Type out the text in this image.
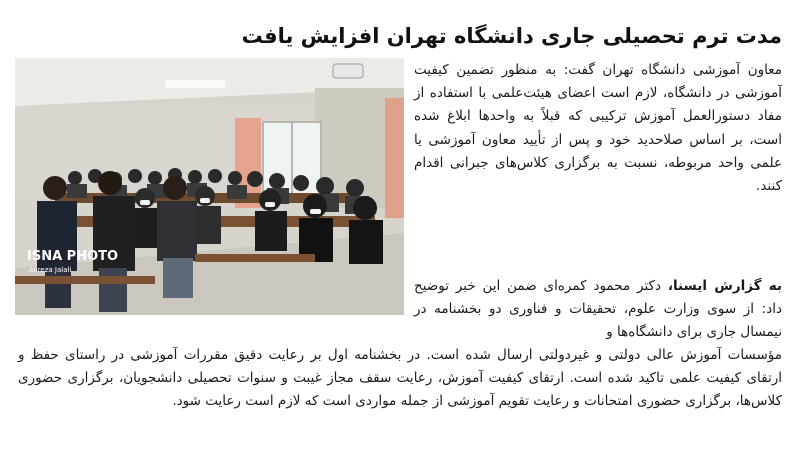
مدت ترم تحصیلی جاری دانشگاه تهران افزایش یافت
ISNA PHOTO
Alireza Jalali

معاون آموزشی دانشگاه تهران گفت: به منظور تضمین کیفیت آموزشی در دانشگاه، لازم است اعضای هیئت‌علمی با استفاده از مفاد دستورالعمل آموزش ترکیبی که قبلاً به واحدها ابلاغ شده است، بر اساس صلاحدید خود و پس از تأیید معاون آموزشی یا علمی واحد مربوطه، نسبت به برگزاری کلاس‌های جبرانی اقدام کنند.

به گزارش ایسنا، دکتر محمود کمره‌ای ضمن این خبر توضیح داد: از سوی وزارت علوم، تحقیقات و فناوری دو بخشنامه در نیمسال جاری برای دانشگاه‌ها و

مؤسسات آموزش عالی دولتی و غیردولتی ارسال شده است. در بخشنامه اول بر رعایت دقیق مقررات آموزشی در راستای حفظ و ارتقای کیفیت علمی تاکید شده است. ارتقای کیفیت آموزش، رعایت سقف مجاز غیبت و سنوات تحصیلی دانشجویان، برگزاری حضوری کلاس‌ها، برگزاری حضوری امتحانات و رعایت تقویم آموزشی از جمله مواردی است که لازم است رعایت شود.
